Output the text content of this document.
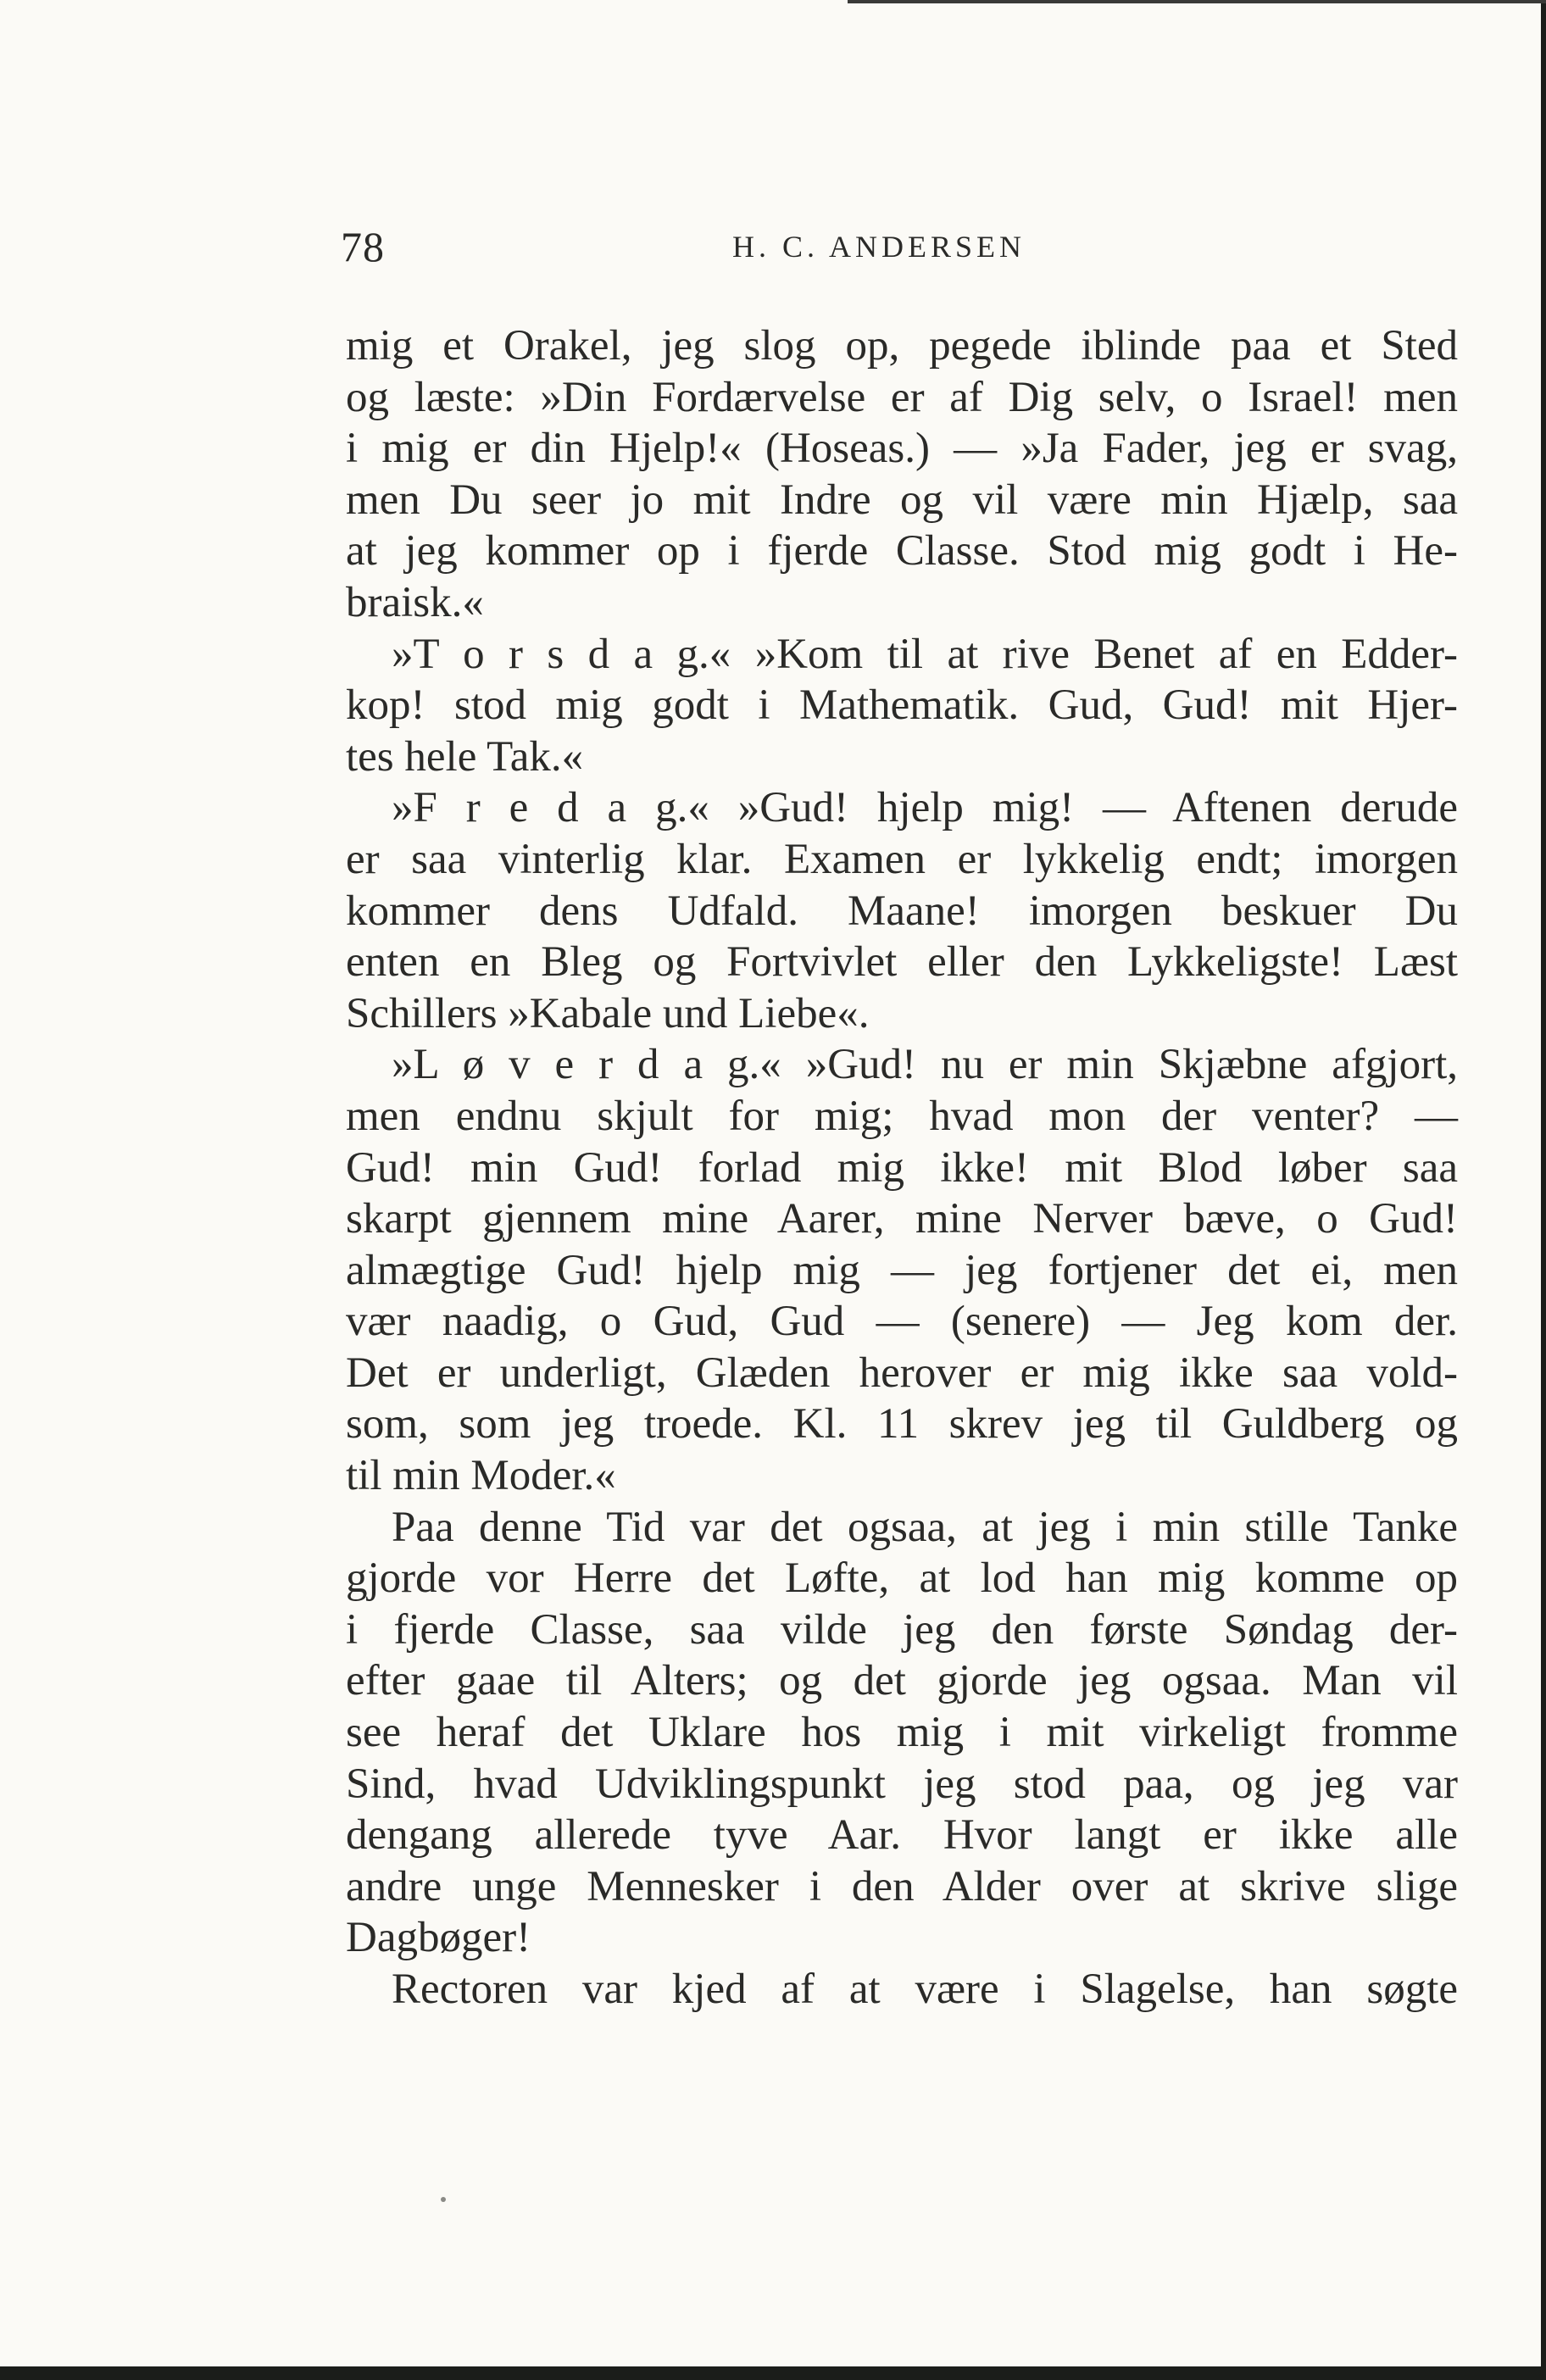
78	H. C. ANDERSEN
mig et Orakel, jeg slog op, pegede iblinde paa et Sted
og læste: »Din Fordærvelse er af Dig selv, o Israel! men
i mig er din Hjelp!« (Hoseas.) — »Ja Fader, jeg er svag,
men Du seer jo mit Indre og vil være min Hjælp, saa
at jeg kommer op i fjerde Classe. Stod mig godt i He-
braisk.«
»T o r s d a g.« »Kom til at rive Benet af en Edder-
kop! stod mig godt i Mathematik. Gud, Gud! mit Hjer-
tes hele Tak.«
»F r e d a g.« »Gud! hjelp mig! — Aftenen derude
er saa vinterlig klar. Examen er lykkelig endt; imorgen
kommer dens Udfald. Maane! imorgen beskuer Du
enten en Bleg og Fortvivlet eller den Lykkeligste! Læst
Schillers »Kabale und Liebe«.
»L ø v e r d a g.« »Gud! nu er min Skjæbne afgjort,
men endnu skjult for mig; hvad mon der venter? —
Gud! min Gud! forlad mig ikke! mit Blod løber saa
skarpt gjennem mine Aarer, mine Nerver bæve, o Gud!
almægtige Gud! hjelp mig — jeg fortjener det ei, men
vær naadig, o Gud, Gud — (senere) — Jeg kom der.
Det er underligt, Glæden herover er mig ikke saa vold-
som, som jeg troede. Kl. 11 skrev jeg til Guldberg og
til min Moder.«
Paa denne Tid var det ogsaa, at jeg i min stille Tanke
gjorde vor Herre det Løfte, at lod han mig komme op
i fjerde Classe, saa vilde jeg den første Søndag der-
efter gaae til Alters; og det gjorde jeg ogsaa. Man vil
see heraf det Uklare hos mig i mit virkeligt fromme
Sind, hvad Udviklingspunkt jeg stod paa, og jeg var
dengang allerede tyve Aar. Hvor langt er ikke alle
andre unge Mennesker i den Alder over at skrive slige
Dagbøger!
Rectoren var kjed af at være i Slagelse, han søgte
